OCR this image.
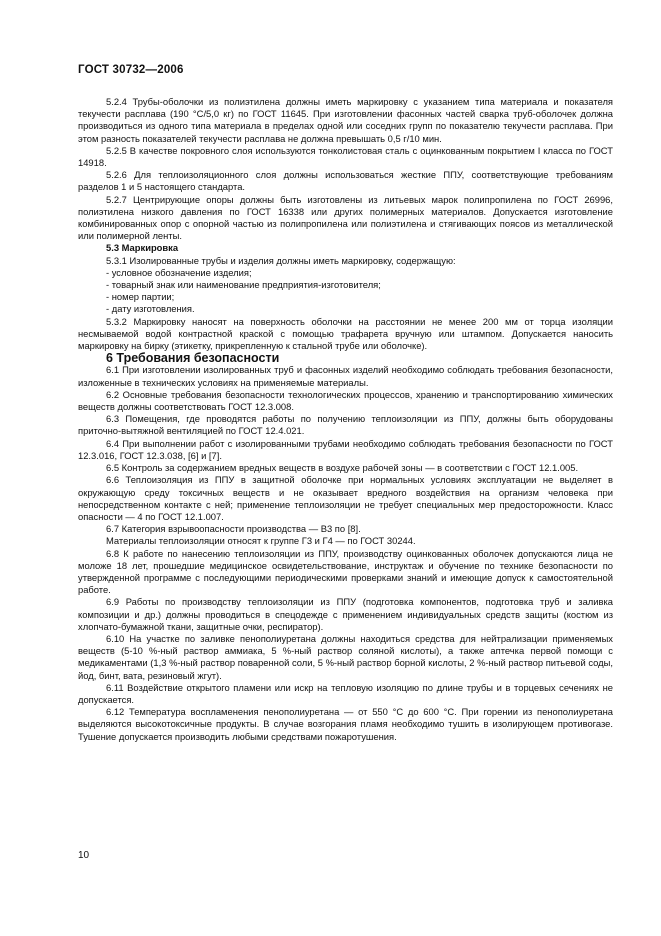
ГОСТ 30732—2006

5.2.4 Трубы-оболочки из полиэтилена должны иметь маркировку с указанием типа материала и показателя текучести расплава (190 °С/5,0 кг) по ГОСТ 11645. При изготовлении фасонных частей сварка труб-оболочек должна производиться из одного типа материала в пределах одной или соседних групп по показателю текучести расплава. При этом разность показателей текучести расплава не должна превышать 0,5 г/10 мин.

5.2.5 В качестве покровного слоя используются тонколистовая сталь с оцинкованным покрытием I класса по ГОСТ 14918.

5.2.6 Для теплоизоляционного слоя должны использоваться жесткие ППУ, соответствующие требованиям разделов 1 и 5 настоящего стандарта.

5.2.7 Центрирующие опоры должны быть изготовлены из литьевых марок полипропилена по ГОСТ 26996, полиэтилена низкого давления по ГОСТ 16338 или других полимерных материалов. Допускается изготовление комбинированных опор с опорной частью из полипропилена или полиэтилена и стягивающих поясов из металлической или полимерной ленты.

5.3 Маркировка

5.3.1 Изолированные трубы и изделия должны иметь маркировку, содержащую:

- условное обозначение изделия;

- товарный знак или наименование предприятия-изготовителя;

- номер партии;

- дату изготовления.

5.3.2 Маркировку наносят на поверхность оболочки на расстоянии не менее 200 мм от торца изоляции несмываемой водой контрастной краской с помощью трафарета вручную или штампом. Допускается наносить маркировку на бирку (этикетку, прикрепленную к стальной трубе или оболочке).

6 Требования безопасности

6.1 При изготовлении изолированных труб и фасонных изделий необходимо соблюдать требования безопасности, изложенные в технических условиях на применяемые материалы.

6.2 Основные требования безопасности технологических процессов, хранению и транспортированию химических веществ должны соответствовать ГОСТ 12.3.008.

6.3 Помещения, где проводятся работы по получению теплоизоляции из ППУ, должны быть оборудованы приточно-вытяжной вентиляцией по ГОСТ 12.4.021.

6.4 При выполнении работ с изолированными трубами необходимо соблюдать требования безопасности по ГОСТ 12.3.016, ГОСТ 12.3.038, [6] и [7].

6.5 Контроль за содержанием вредных веществ в воздухе рабочей зоны — в соответствии с ГОСТ 12.1.005.

6.6 Теплоизоляция из ППУ в защитной оболочке при нормальных условиях эксплуатации не выделяет в окружающую среду токсичных веществ и не оказывает вредного воздействия на организм человека при непосредственном контакте с ней; применение теплоизоляции не требует специальных мер предосторожности. Класс опасности — 4 по ГОСТ 12.1.007.

6.7 Категория взрывоопасности производства — В3 по [8].

Материалы теплоизоляции относят к группе Г3 и Г4 — по ГОСТ 30244.

6.8 К работе по нанесению теплоизоляции из ППУ, производству оцинкованных оболочек допускаются лица не моложе 18 лет, прошедшие медицинское освидетельствование, инструктаж и обучение по технике безопасности по утвержденной программе с последующими периодическими проверками знаний и имеющие допуск к самостоятельной работе.

6.9 Работы по производству теплоизоляции из ППУ (подготовка компонентов, подготовка труб и заливка композиции и др.) должны проводиться в спецодежде с применением индивидуальных средств защиты (костюм из хлопчато-бумажной ткани, защитные очки, респиратор).

6.10 На участке по заливке пенополиуретана должны находиться средства для нейтрализации применяемых веществ (5-10 %-ный раствор аммиака, 5 %-ный раствор соляной кислоты), а также аптечка первой помощи с медикаментами (1,3 %-ный раствор поваренной соли, 5 %-ный раствор борной кислоты, 2 %-ный раствор питьевой соды, йод, бинт, вата, резиновый жгут).

6.11 Воздействие открытого пламени или искр на тепловую изоляцию по длине трубы и в торцевых сечениях не допускается.

6.12 Температура воспламенения пенополиуретана — от 550 °С до 600 °С. При горении из пенополиуретана выделяются высокотоксичные продукты. В случае возгорания пламя необходимо тушить в изолирующем противогазе. Тушение допускается производить любыми средствами пожаротушения.

10
